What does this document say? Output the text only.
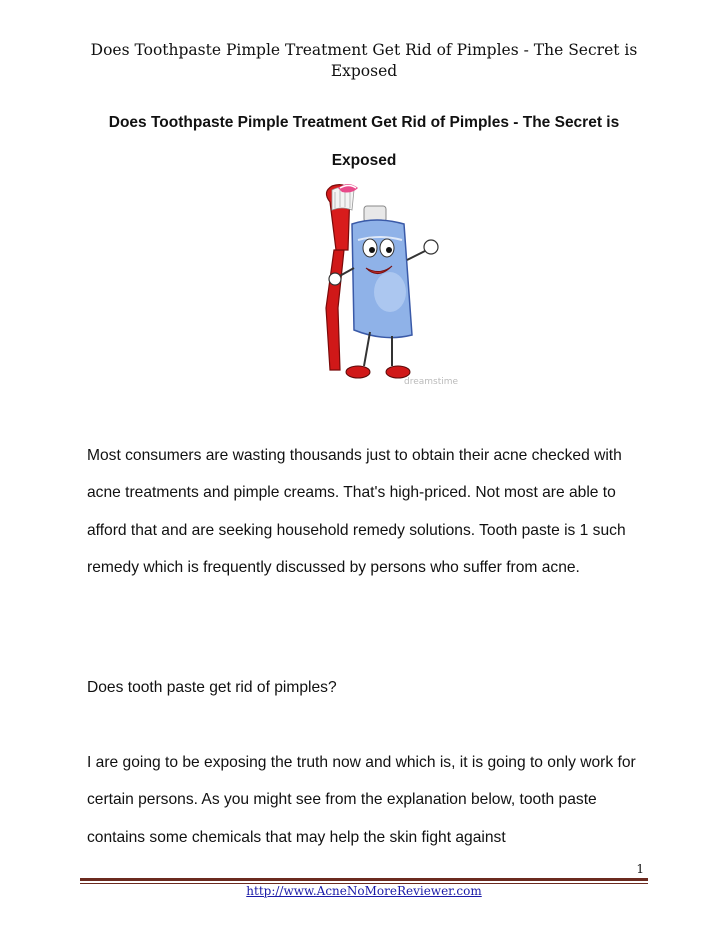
Does Toothpaste Pimple Treatment Get Rid of Pimples - The Secret is Exposed
Does Toothpaste Pimple Treatment Get Rid of Pimples - The Secret is Exposed
dreamstime
Most consumers are wasting thousands just to obtain their acne checked with acne treatments and pimple creams. That's high-priced. Not most are able to afford that and are seeking household remedy solutions. Tooth paste is 1 such remedy which is frequently discussed by persons who suffer from acne.
Does tooth paste get rid of pimples?
I are going to be exposing the truth now and which is, it is going to only work for certain persons. As you might see from the explanation below, tooth paste contains some chemicals that may help the skin fight against
1
http://www.AcneNoMoreReviewer.com
